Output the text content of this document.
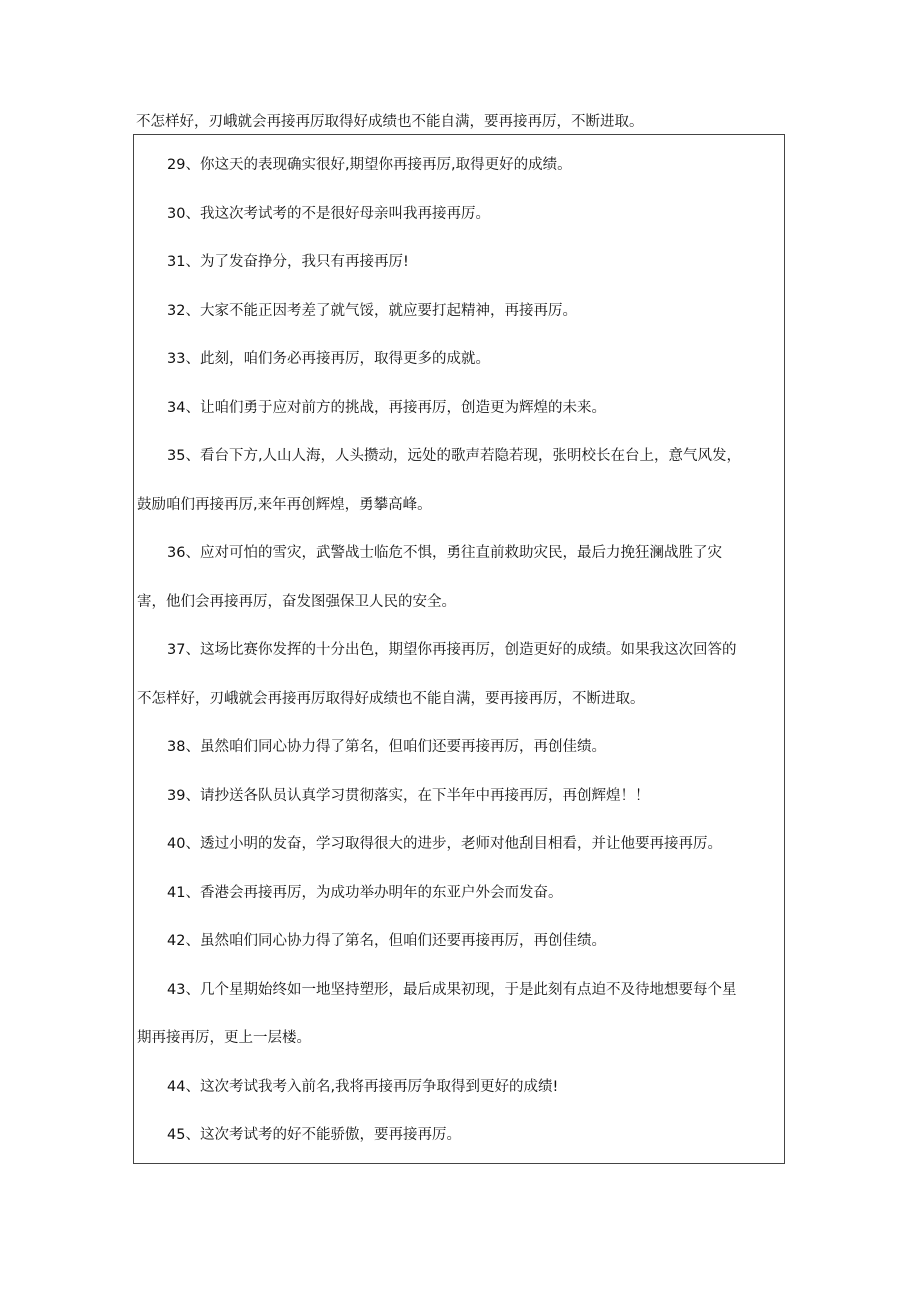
不怎样好，刃峨就会再接再厉取得好成绩也不能自满，要再接再厉，不断进取。
29、你这天的表现确实很好,期望你再接再厉,取得更好的成绩。
30、我这次考试考的不是很好母亲叫我再接再厉。
31、为了发奋挣分，我只有再接再厉!
32、大家不能正因考差了就气馁，就应要打起精神，再接再厉。
33、此刻，咱们务必再接再厉，取得更多的成就。
34、让咱们勇于应对前方的挑战，再接再厉，创造更为辉煌的未来。
35、看台下方,人山人海，人头攒动，远处的歌声若隐若现，张明校长在台上，意气风发，
鼓励咱们再接再厉,来年再创辉煌，勇攀高峰。
36、应对可怕的雪灾，武警战士临危不惧，勇往直前救助灾民，最后力挽狂澜战胜了灾
害，他们会再接再厉，奋发图强保卫人民的安全。
37、这场比赛你发挥的十分出色，期望你再接再厉，创造更好的成绩。如果我这次回答的
不怎样好，刃峨就会再接再厉取得好成绩也不能自满，要再接再厉，不断进取。
38、虽然咱们同心协力得了第名，但咱们还要再接再厉，再创佳绩。
39、请抄送各队员认真学习贯彻落实，在下半年中再接再厉，再创辉煌！！
40、透过小明的发奋，学习取得很大的进步，老师对他刮目相看，并让他要再接再厉。
41、香港会再接再厉，为成功举办明年的东亚户外会而发奋。
42、虽然咱们同心协力得了第名，但咱们还要再接再厉，再创佳绩。
43、几个星期始终如一地坚持塑形，最后成果初现，于是此刻有点迫不及待地想要每个星
期再接再厉，更上一层楼。
44、这次考试我考入前名,我将再接再厉争取得到更好的成绩!
45、这次考试考的好不能骄傲，要再接再厉。
